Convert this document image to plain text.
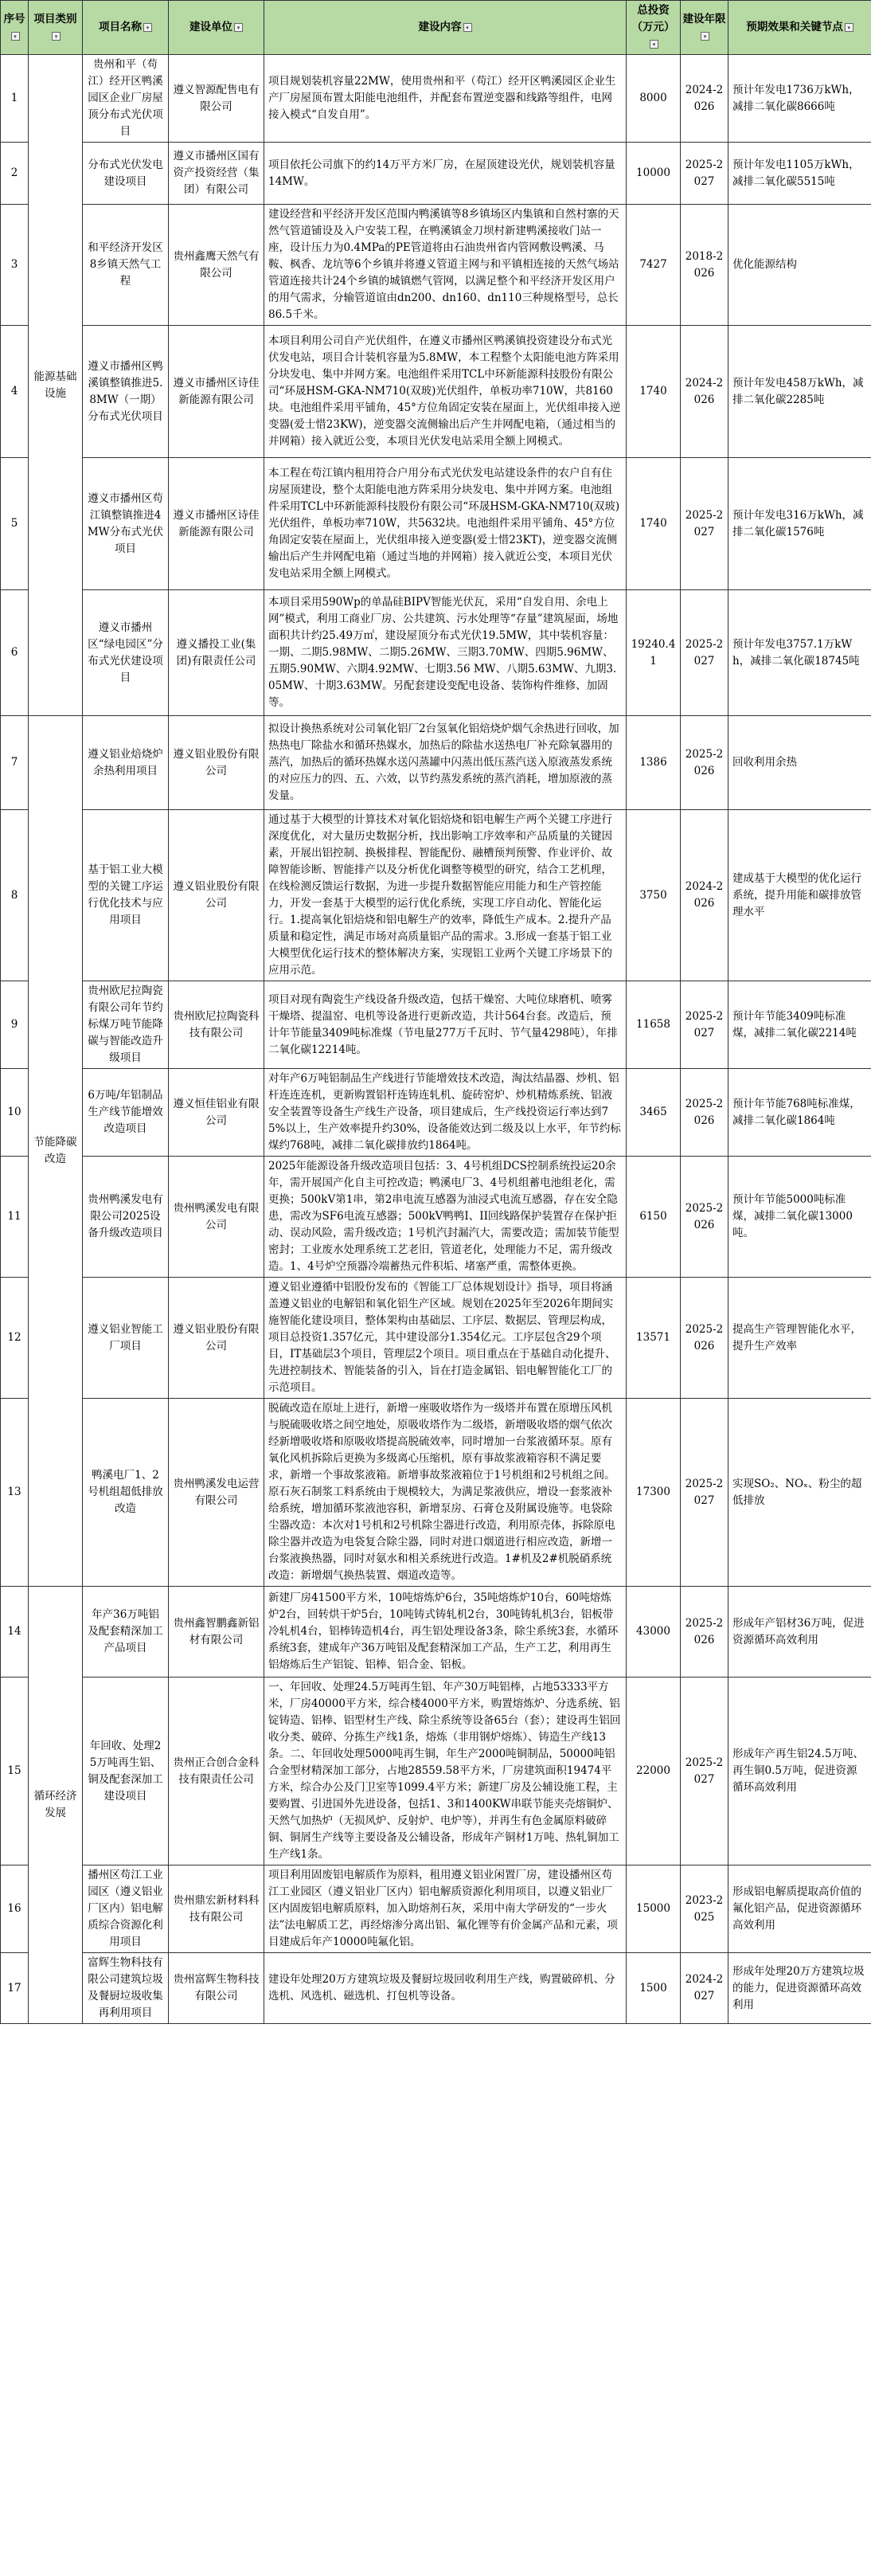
序号▾	项目类别▾	项目名称 ▾	建设单位 ▾	建设内容 ▾	总投资（万元）▾	建设年限▾	预期效果和关键节点 ▾
1	能源基础设施	贵州和平（苟江）经开区鸭溪园区企业厂房屋顶分布式光伏项目	遵义智源配售电有限公司	项目规划装机容量22MW，使用贵州和平（苟江）经开区鸭溪园区企业生产厂房屋顶布置太阳能电池组件，并配套布置逆变器和线路等组件，电网接入模式“自发自用”。	8000	2024-2026	预计年发电1736万kWh，减排二氧化碳8666吨
2		分布式光伏发电建设项目	遵义市播州区国有资产投资经营（集团）有限公司	项目依托公司旗下的约14万平方米厂房，在屋顶建设光伏，规划装机容量14MW。	10000	2025-2027	预计年发电1105万kWh，减排二氧化碳5515吨
3		和平经济开发区8乡镇天然气工程	贵州鑫鹰天然气有限公司	建设经营和平经济开发区范围内鸭溪镇等8乡镇场区内集镇和自然村寨的天然气管道铺设及入户安装工程，在鸭溪镇金刀坝村新建鸭溪接收门站一座，设计压力为0.4MPa的PE管道将由石油贵州省内管网敷设鸭溪、马鞍、枫香、龙坑等6个乡镇并将遵义管道主网与和平镇相连接的天然气场站管道连接共计24个乡镇的城镇燃气管网，以满足整个和平经济开发区用户的用气需求，分输管道谊由dn200、dn160、dn110三种规格型号，总长86.5千米。	7427	2018-2026	优化能源结构
4		遵义市播州区鸭溪镇整镇推进5.8MW（一期）分布式光伏项目	遵义市播州区诗佳新能源有限公司	本项目利用公司自产光伏组件，在遵义市播州区鸭溪镇投资建设分布式光伏发电站，项目合计装机容量为5.8MW，本工程整个太阳能电池方阵采用分块发电、集中并网方案。电池组件采用TCL中环新能源科技股份有限公司“环晟HSM-GKA-NM710(双玻)光伏组件，单板功率710W，共8160块。电池组件采用平铺角，45°方位角固定安装在屋面上，光伏组串接入逆变器(爱士惜23KW)，逆变器交流侧输出后产生并网配电箱，（通过相当的并网箱）接入就近公变，本项目光伏发电站采用全额上网模式。	1740	2024-2026	预计年发电458万kWh，减排二氧化碳2285吨
5		遵义市播州区苟江镇整镇推进4MW分布式光伏项目	遵义市播州区诗佳新能源有限公司	本工程在苟江镇内租用符合户用分布式光伏发电站建设条件的农户自有住房屋顶建设，整个太阳能电池方阵采用分块发电、集中并网方案。电池组件采用TCL中环新能源科技股份有限公司“环晟HSM-GKA-NM710(双玻)光伏组件，单板功率710W，共5632块。电池组件采用平铺角、45°方位角固定安装在屋面上，光伏组串接入逆变器(爱士惜23KT)，逆变器交流侧输出后产生并网配电箱（通过当地的并网箱）接入就近公变，本项目光伏发电站采用全额上网模式。	1740	2025-2027	预计年发电316万kWh，减排二氧化碳1576吨
6		遵义市播州区“绿电园区”分布式光伏建设项目	遵义播投工业(集团)有限责任公司	本项目采用590Wp的单晶硅BIPV智能光伏瓦，采用“自发自用、余电上网”模式，利用工商业厂房、公共建筑、污水处理等“存量”建筑屋面，场地面积共计约25.49万㎡，建设屋顶分布式光伏19.5MW，其中装机容量：一期、二期5.98MW、二期5.26MW、三期3.70MW、四期5.96MW、五期5.90MW、六期4.92MW、七期3.56 MW、八期5.63MW、九期3.05MW、十期3.63MW。另配套建设变配电设备、装饰构件维修、加固等。	19240.41	2025-2027	预计年发电3757.1万kWh，减排二氧化碳18745吨
7	节能降碳改造	遵义铝业焙烧炉余热利用项目	遵义铝业股份有限公司	拟设计换热系统对公司氧化铝厂2台氢氧化铝焙烧炉烟气余热进行回收，加热热电厂除盐水和循环热媒水，加热后的除盐水送热电厂补充除氧器用的蒸汽，加热后的循环热媒水送闪蒸罐中闪蒸出低压蒸汽送入原液蒸发系统的对应压力的四、五、六效，以节约蒸发系统的蒸汽消耗，增加原液的蒸发量。	1386	2025-2026	回收利用余热
8		基于铝工业大模型的关键工序运行优化技术与应用项目	遵义铝业股份有限公司	通过基于大模型的计算技术对氧化铝焙烧和铝电解生产两个关键工序进行深度优化，对大量历史数据分析，找出影响工序效率和产品质量的关键因素，开展出铝控制、换极排程、智能配份、融槽预判预警、作业评价、故障智能诊断、智能排产以及分析优化调整等模型的研究，结合工艺机理，在线检测反馈运行数据，为进一步提升数据智能应用能力和生产管控能力，开发一套基于大模型的运行优化系统，实现工序自动化、智能化运行。1.提高氧化铝焙烧和铝电解生产的效率，降低生产成本。2.提升产品质量和稳定性，满足市场对高质量铝产品的需求。3.形成一套基于铝工业大模型优化运行技术的整体解决方案，实现铝工业两个关键工序场景下的应用示范。	3750	2024-2026	建成基于大模型的优化运行系统，提升用能和碳排放管理水平
9		贵州欧尼拉陶瓷有限公司年节约标煤万吨节能降碳与智能改造升级项目	贵州欧尼拉陶瓷科技有限公司	项目对现有陶瓷生产线设备升级改造，包括干燥窑、大吨位球磨机、喷雾干燥塔、提温窑、电机等设备进行更新改造，共计564台套。改造后，预计年节能量3409吨标准煤（节电量277万千瓦时、节气量4298吨），年排二氧化碳12214吨。	11658	2025-2027	预计年节能3409吨标准煤，减排二氧化碳2214吨
10		6万吨/年铝制品生产线节能增效改造项目	遵义恒佳铝业有限公司	对年产6万吨铝制品生产线进行节能增效技术改造，淘汰结晶器、炒机、铝杆连连连机，更新购置铝杆连铸连轧机、旋砖窑炉、炒机精炼系统、铝液安全装置等设备生产线生产设备，项目建成后，生产线投资运行率达到75%以上，生产效率提升约30%，设备能效达到二级及以上水平，年节约标煤约768吨，减排二氧化碳排放约1864吨。	3465	2025-2026	预计年节能768吨标准煤，减排二氧化碳1864吨
11		贵州鸭溪发电有限公司2025设备升级改造项目	贵州鸭溪发电有限公司	2025年能源设备升级改造项目包括：3、4号机组DCS控制系统投运20余年，需开展国产化自主可控改造；鸭溪电厂3、4号机组蓄电池组老化，需更换；500kV第1串，第2串电流互感器为油浸式电流互感器，存在安全隐患，需改为SF6电流互感器；500kV鸭鸭I、II回线路保护装置存在保护拒动、误动风险，需升级改造；1号机汽封漏汽大，需要改造；需加装节能型密封；工业废水处理系统工艺老旧，管道老化，处理能力不足，需升级改造。1、4号炉空预器冷端蓄热元件积垢、堵塞严重，需整体更换。	6150	2025-2026	预计年节能5000吨标准煤，减排二氧化碳13000吨。
12		遵义铝业智能工厂项目	遵义铝业股份有限公司	遵义铝业遵循中铝股份发布的《智能工厂总体规划设计》指导，项目将涵盖遵义铝业的电解铝和氧化铝生产区域。规划在2025年至2026年期间实施智能化建设项目，整体架构由基础层、工序层、数据层、管理层构成，项目总投资1.357亿元，其中建设部分1.354亿元。工序层包含29个项目，IT基础层3个项目，管理层2个项目。项目重点在于基础自动化提升、先进控制技术、智能装备的引入，旨在打造金属铝、铝电解智能化工厂的示范项目。	13571	2025-2026	提高生产管理智能化水平，提升生产效率
13		鸭溪电厂1、2号机组超低排放改造	贵州鸭溪发电运营有限公司	脱硫改造在原址上进行，新增一座吸收塔作为一级塔并布置在原增压风机与脱硫吸收塔之间空地处，原吸收塔作为二级塔，新增吸收塔的烟气依次经新增吸收塔和原吸收塔提高脱硫效率，同时增加一台浆液循环泵。原有氧化风机拆除后更换为多级离心压缩机，原有事故浆液箱容积不满足要求，新增一个事故浆液箱。新增事故浆液箱位于1号机组和2号机组之间。原石灰石制浆工料系统由于规模较大，为满足浆液供应，增设一套浆液补给系统，增加循环浆液池容积，新增泵房、石膏仓及附属设施等。电袋除尘器改造：本次对1号机和2号机除尘器进行改造，利用原壳体，拆除原电除尘器并改造为电袋复合除尘器，同时对进口烟道进行相应改造，新增一台浆液换热器，同时对氨水和相关系统进行改造。1#机及2#机脱硝系统改造：新增烟气换热装置、烟道改造等。	17300	2025-2027	实现SO₂、NOₓ、粉尘的超低排放
14	循环经济发展	年产36万吨铝及配套精深加工产品项目	贵州鑫智鹏鑫新铝材有限公司	新建厂房41500平方米，10吨熔炼炉6台，35吨熔炼炉10台，60吨熔炼炉2台，回转烘干炉5台，10吨铸式铸轧机2台，30吨铸轧机3台，铝板带冷轧机4台，铝棒铸造机4台，再生铝处理设备3条，除尘系统3套，水循环系统3套，建成年产36万吨铝及配套精深加工产品，生产工艺，利用再生铝熔炼后生产铝锭、铝棒、铝合金、铝板。	43000	2025-2026	形成年产铝材36万吨，促进资源循环高效利用
15		年回收、处理25万吨再生铝、铜及配套深加工建设项目	贵州正合创合金科技有限责任公司	一、年回收、处理24.5万吨再生铝、年产30万吨铝棒，占地53333平方米，厂房40000平方米，综合楼4000平方米，购置熔炼炉、分选系统、铝锭铸造、铝棒、铝型材生产线、除尘系统等设备65台（套）；建设再生铝回收分类、破碎、分拣生产线1条，熔炼（非用钢炉熔炼）、铸造生产线13条。二、年回收处理5000吨再生铜，年生产2000吨铜制品，50000吨铝合金型材精深加工部分，占地28559.58平方米，厂房建筑面积19474平方米，综合办公及门卫室等1099.4平方米；新建厂房及公辅设施工程，主要购置、引进国外先进设备，包括1、3和1400KW串联节能夹壳熔铜炉、天然气加热炉（无损风炉、反射炉、电炉等），并再生有色金属原料破碎铜、铜屑生产线等主要设备及公辅设备，形成年产铜材1万吨、热轧铜加工生产线1条。	22000	2025-2027	形成年产再生铝24.5万吨、再生铜0.5万吨，促进资源循环高效利用
16		播州区苟江工业园区（遵义铝业厂区内）铝电解质综合资源化利用项目	贵州鼎宏新材料科技有限公司	项目利用固废铝电解质作为原料，租用遵义铝业闲置厂房，建设播州区苟江工业园区（遵义铝业厂区内）铝电解质资源化利用项目，以遵义铝业厂区内固废铝电解质原料，加入助熔剂石灰，采用中南大学研发的“一步火法”法电解质工艺，再经熔渗分离出铝、氟化锂等有价金属产品和元素，项目建成后年产10000吨氟化铝。	15000	2023-2025	形成铝电解质提取高价值的氟化铝产品，促进资源循环高效利用
17		富辉生物科技有限公司建筑垃圾及餐厨垃圾收集再利用项目	贵州富辉生物科技有限公司	建设年处理20万方建筑垃圾及餐厨垃圾回收利用生产线，购置破碎机、分选机、风选机、磁选机、打包机等设备。	1500	2024-2027	形成年处理20万方建筑垃圾的能力，促进资源循环高效利用
